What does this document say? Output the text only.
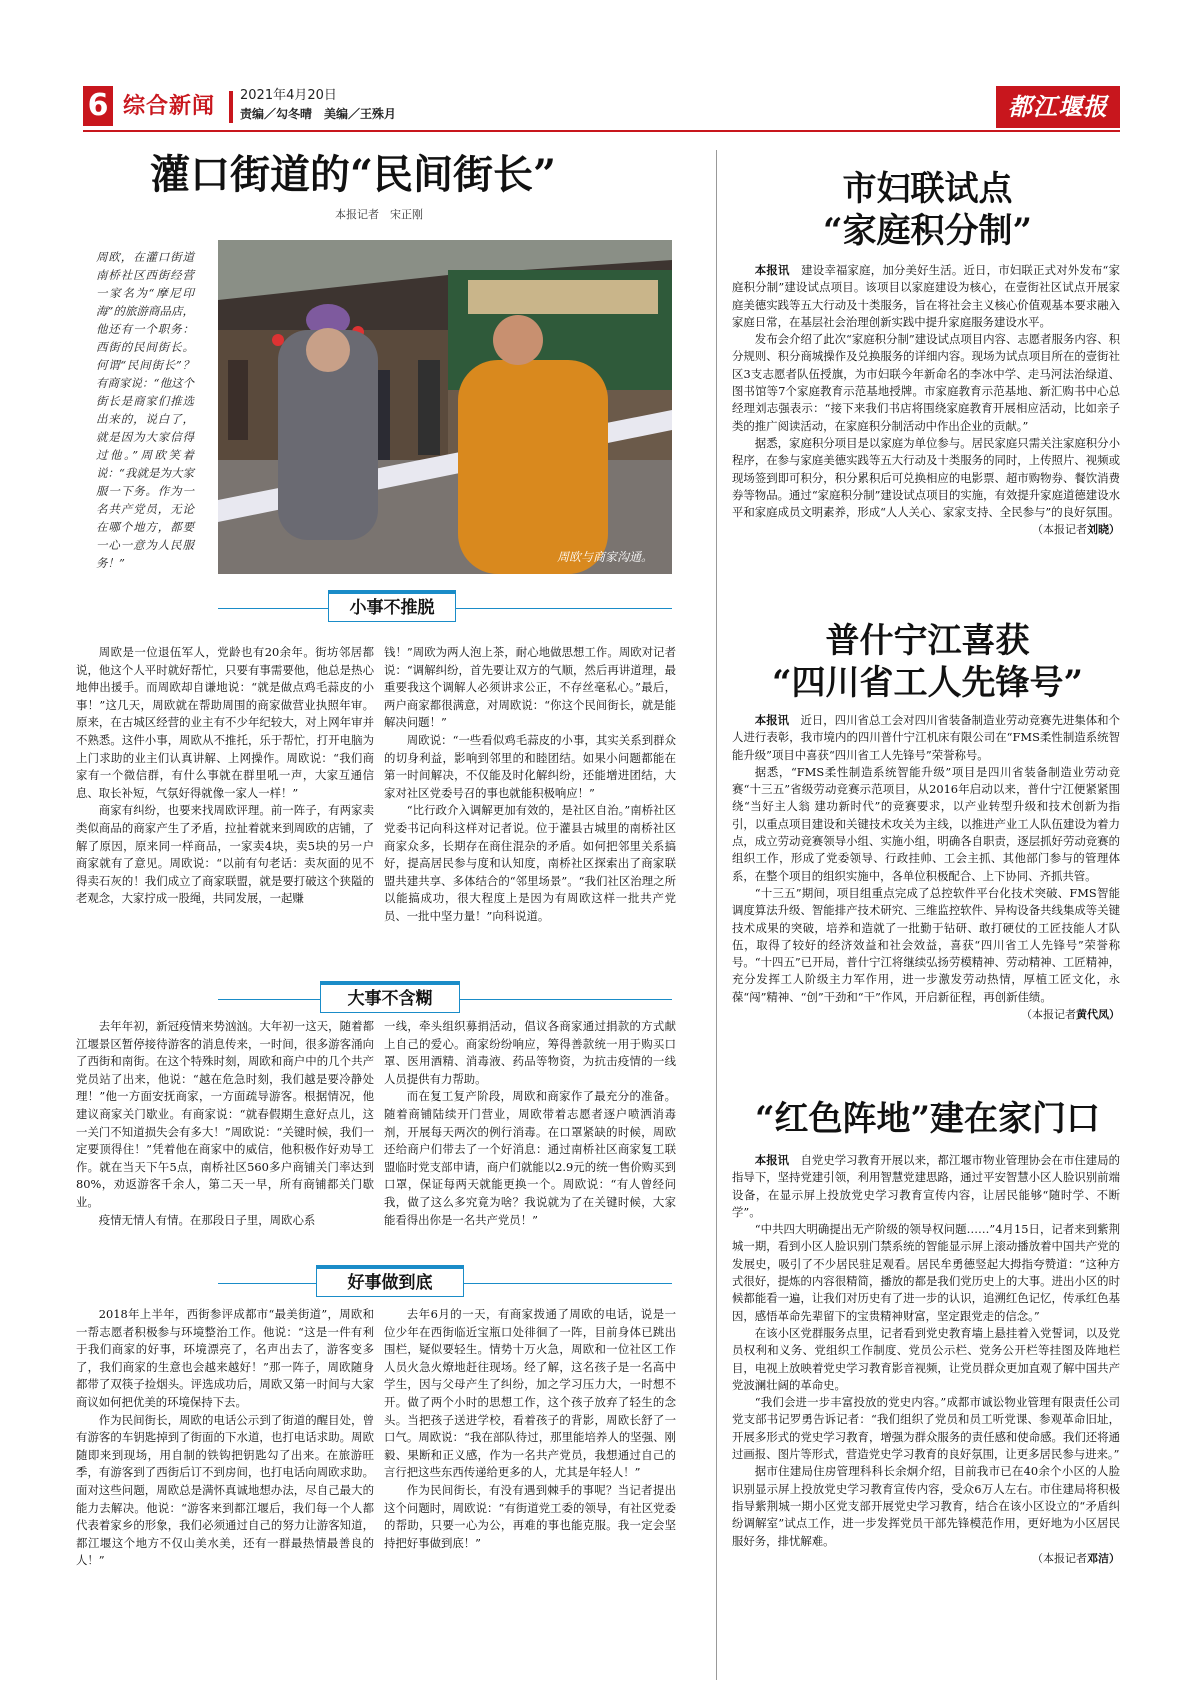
6 综合新闻 2021年4月20日
责编／勾冬晴　美编／王殊月	都江堰报
灌口街道的“民间街长”
本报记者　宋正刚

周欧，在灌口街道南桥社区西街经营一家名为“摩尼印海”的旅游商品店，他还有一个职务：西街的民间街长。何谓“民间街长”？有商家说：“他这个街长是商家们推选出来的，说白了，就是因为大家信得过他。”周欧笑着说：“我就是为大家服一下务。作为一名共产党员，无论在哪个地方，都要一心一意为人民服务！”	周欧与商家沟通。
小事不推脱

周欧是一位退伍军人，党龄也有20余年。街坊邻居都说，他这个人平时就好帮忙，只要有事需要他，他总是热心地伸出援手。而周欧却自谦地说：“就是做点鸡毛蒜皮的小事！”这几天，周欧就在帮助周围的商家做营业执照年审。原来，在古城区经营的业主有不少年纪较大，对上网年审并不熟悉。这件小事，周欧从不推托，乐于帮忙，打开电脑为上门求助的业主们认真讲解、上网操作。周欧说：“我们商家有一个微信群，有什么事就在群里吼一声，大家互通信息、取长补短，气氛好得就像一家人一样！”

商家有纠纷，也要来找周欧评理。前一阵子，有两家卖类似商品的商家产生了矛盾，拉扯着就来到周欧的店铺，了解了原因，原来同一样商品，一家卖4块，卖5块的另一户商家就有了意见。周欧说：“以前有句老话：卖灰面的见不得卖石灰的！我们成立了商家联盟，就是要打破这个狭隘的老观念，大家拧成一股绳，共同发展，一起赚

钱！”周欧为两人泡上茶，耐心地做思想工作。周欧对记者说：“调解纠纷，首先要让双方的气顺，然后再讲道理，最重要我这个调解人必须讲求公正，不存丝毫私心。”最后，两户商家都很满意，对周欧说：“你这个民间街长，就是能解决问题！”

周欧说：“一些看似鸡毛蒜皮的小事，其实关系到群众的切身利益，影响到邻里的和睦团结。如果小问题都能在第一时间解决，不仅能及时化解纠纷，还能增进团结，大家对社区党委号召的事也就能积极响应！”

“比行政介入调解更加有效的，是社区自治。”南桥社区党委书记向科这样对记者说。位于灌县古城里的南桥社区商家众多，长期存在商住混杂的矛盾。如何把邻里关系搞好，提高居民参与度和认知度，南桥社区探索出了商家联盟共建共享、多体结合的“邻里场景”。“我们社区治理之所以能搞成功，很大程度上是因为有周欧这样一批共产党员、一批中坚力量！”向科说道。

大事不含糊

去年年初，新冠疫情来势汹汹。大年初一这天，随着都江堰景区暂停接待游客的消息传来，一时间，很多游客涌向了西街和南街。在这个特殊时刻，周欧和商户中的几个共产党员站了出来，他说：“越在危急时刻，我们越是要冷静处理！”他一方面安抚商家，一方面疏导游客。根据情况，他建议商家关门歇业。有商家说：“就春假期生意好点儿，这一关门不知道损失会有多大！”周欧说：“关键时候，我们一定要顶得住！”凭着他在商家中的威信，他积极作好劝导工作。就在当天下午5点，南桥社区560多户商铺关门率达到80%，劝返游客千余人，第二天一早，所有商铺都关门歇业。

疫情无情人有情。在那段日子里，周欧心系

一线，牵头组织募捐活动，倡议各商家通过捐款的方式献上自己的爱心。商家纷纷响应，筹得善款统一用于购买口罩、医用酒精、消毒液、药品等物资，为抗击疫情的一线人员提供有力帮助。

而在复工复产阶段，周欧和商家作了最充分的准备。随着商铺陆续开门营业，周欧带着志愿者逐户喷洒消毒剂，开展每天两次的例行消毒。在口罩紧缺的时候，周欧还给商户们带去了一个好消息：通过南桥社区商家复工联盟临时党支部申请，商户们就能以2.9元的统一售价购买到口罩，保证每两天就能更换一个。周欧说：“有人曾经问我，做了这么多究竟为啥？我说就为了在关键时候，大家能看得出你是一名共产党员！”

好事做到底

2018年上半年，西街参评成都市“最美街道”，周欧和一帮志愿者积极参与环境整治工作。他说：“这是一件有利于我们商家的好事，环境漂亮了，名声出去了，游客变多了，我们商家的生意也会越来越好！”那一阵子，周欧随身都带了双筷子捡烟头。评选成功后，周欧又第一时间与大家商议如何把优美的环境保持下去。

作为民间街长，周欧的电话公示到了街道的醒目处，曾有游客的车钥匙掉到了街面的下水道，也打电话求助。周欧随即来到现场，用自制的铁钩把钥匙勾了出来。在旅游旺季，有游客到了西街后订不到房间，也打电话向周欧求助。面对这些问题，周欧总是满怀真诚地想办法，尽自己最大的能力去解决。他说：“游客来到都江堰后，我们每一个人都代表着家乡的形象，我们必须通过自己的努力让游客知道，都江堰这个地方不仅山美水美，还有一群最热情最善良的人！”

去年6月的一天，有商家拨通了周欧的电话，说是一位少年在西街临近宝瓶口处徘徊了一阵，目前身体已跳出围栏，疑似要轻生。情势十万火急，周欧和一位社区工作人员火急火燎地赶往现场。经了解，这名孩子是一名高中学生，因与父母产生了纠纷，加之学习压力大，一时想不开。做了两个小时的思想工作，这个孩子放弃了轻生的念头。当把孩子送进学校，看着孩子的背影，周欧长舒了一口气。周欧说：“我在部队待过，那里能培养人的坚强、刚毅、果断和正义感，作为一名共产党员，我想通过自己的言行把这些东西传递给更多的人，尤其是年轻人！”

作为民间街长，有没有遇到棘手的事呢？当记者提出这个问题时，周欧说：“有街道党工委的领导，有社区党委的帮助，只要一心为公，再难的事也能克服。我一定会坚持把好事做到底！”

市妇联试点
“家庭积分制”

本报讯　 建设幸福家庭，加分美好生活。近日，市妇联正式对外发布“家庭积分制”建设试点项目。该项目以家庭建设为核心，在壹街社区试点开展家庭美德实践等五大行动及十类服务，旨在将社会主义核心价值观基本要求融入家庭日常，在基层社会治理创新实践中提升家庭服务建设水平。

发布会介绍了此次“家庭积分制”建设试点项目内容、志愿者服务内容、积分规则、积分商城操作及兑换服务的详细内容。现场为试点项目所在的壹街社区3支志愿者队伍授旗，为市妇联今年新命名的李冰中学、走马河法治绿道、图书馆等7个家庭教育示范基地授牌。市家庭教育示范基地、新汇购书中心总经理刘志强表示：“接下来我们书店将围绕家庭教育开展相应活动，比如亲子类的推广阅读活动，在家庭积分制活动中作出企业的贡献。”

据悉，家庭积分项目是以家庭为单位参与。居民家庭只需关注家庭积分小程序，在参与家庭美德实践等五大行动及十类服务的同时，上传照片、视频或现场签到即可积分，积分累积后可兑换相应的电影票、超市购物券、餐饮消费券等物品。通过“家庭积分制”建设试点项目的实施，有效提升家庭道德建设水平和家庭成员文明素养，形成“人人关心、家家支持、全民参与”的良好氛围。

（本报记者刘晓）
普什宁江喜获
“四川省工人先锋号”

本报讯　 近日，四川省总工会对四川省装备制造业劳动竞赛先进集体和个人进行表彰，我市境内的四川普什宁江机床有限公司在“FMS柔性制造系统智能升级”项目中喜获“四川省工人先锋号”荣誉称号。

据悉，“FMS柔性制造系统智能升级”项目是四川省装备制造业劳动竞赛“十三五”省级劳动竞赛示范项目，从2016年启动以来，普什宁江便紧紧围绕“当好主人翁 建功新时代”的竞赛要求，以产业转型升级和技术创新为指引，以重点项目建设和关键技术攻关为主线，以推进产业工人队伍建设为着力点，成立劳动竞赛领导小组、实施小组，明确各自职责，逐层抓好劳动竞赛的组织工作，形成了党委领导、行政挂帅、工会主抓、其他部门参与的管理体系，在整个项目的组织实施中，各单位积极配合、上下协同、齐抓共管。

“十三五”期间，项目组重点完成了总控软件平台化技术突破、FMS智能调度算法升级、智能排产技术研究、三维监控软件、异构设备共线集成等关键技术成果的突破，培养和造就了一批勤于钻研、敢打硬仗的工匠技能人才队伍，取得了较好的经济效益和社会效益，喜获“四川省工人先锋号”荣誉称号。“十四五”已开局，普什宁江将继续弘扬劳模精神、劳动精神、工匠精神，充分发挥工人阶级主力军作用，进一步激发劳动热情，厚植工匠文化，永葆“闯”精神、“创”干劲和“干”作风，开启新征程，再创新佳绩。

（本报记者黄代凤）
“红色阵地”建在家门口

本报讯　 自党史学习教育开展以来，都江堰市物业管理协会在市住建局的指导下，坚持党建引领，利用智慧党建思路，通过平安智慧小区人脸识别前端设备，在显示屏上投放党史学习教育宣传内容，让居民能够“随时学、不断学”。

“中共四大明确提出无产阶级的领导权问题……”4月15日，记者来到紫荆城一期，看到小区人脸识别门禁系统的智能显示屏上滚动播放着中国共产党的发展史，吸引了不少居民驻足观看。居民牟勇德竖起大拇指夸赞道：“这种方式很好，提炼的内容很精简，播放的都是我们党历史上的大事。进出小区的时候都能看一遍，让我们对历史有了进一步的认识，追溯红色记忆，传承红色基因，感悟革命先辈留下的宝贵精神财富，坚定跟党走的信念。”

在该小区党群服务点里，记者看到党史教育墙上悬挂着入党誓词，以及党员权利和义务、党组织工作制度、党员公示栏、党务公开栏等挂图及阵地栏目，电视上放映着党史学习教育影音视频，让党员群众更加直观了解中国共产党波澜壮阔的革命史。

“我们会进一步丰富投放的党史内容。”成都市诚讼物业管理有限责任公司党支部书记罗勇告诉记者：“我们组织了党员和员工听党课、参观革命旧址，开展多形式的党史学习教育，增强为群众服务的责任感和使命感。我们还将通过画报、图片等形式，营造党史学习教育的良好氛围，让更多居民参与进来。”

据市住建局住房管理科科长余炯介绍，目前我市已在40余个小区的人脸识别显示屏上投放党史学习教育宣传内容，受众6万人左右。市住建局将积极指导紫荆城一期小区党支部开展党史学习教育，结合在该小区设立的“矛盾纠纷调解室”试点工作，进一步发挥党员干部先锋模范作用，更好地为小区居民服好务，排忧解难。

（本报记者邓洁）
